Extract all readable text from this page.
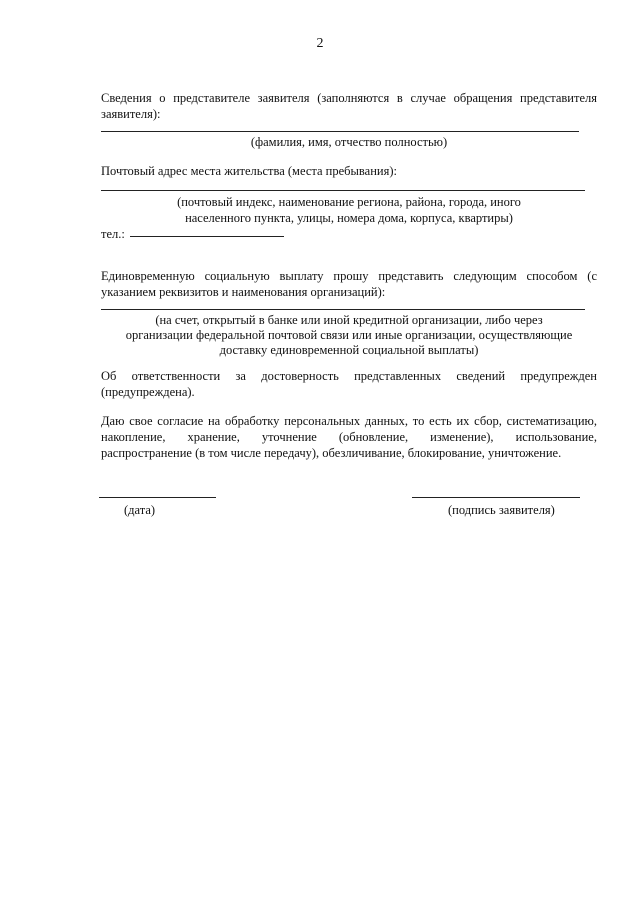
2
Сведения о представителе заявителя (заполняются в случае обращения представителя
заявителя):
(фамилия, имя, отчество полностью)
Почтовый адрес места жительства (места пребывания):
(почтовый индекс, наименование региона, района, города, иного
населенного пункта, улицы, номера дома, корпуса, квартиры)
тел.:
Единовременную социальную выплату прошу представить следующим способом (с
указанием реквизитов и наименования организаций):
(на счет, открытый в банке или иной кредитной организации, либо через
организации федеральной почтовой связи или иные организации, осуществляющие
доставку единовременной социальной выплаты)
Об ответственности за достоверность представленных сведений предупрежден
(предупреждена).
Даю свое согласие на обработку персональных данных, то есть их сбор, систематизацию,
накопление, хранение, уточнение (обновление, изменение), использование,
распространение (в том числе передачу), обезличивание, блокирование, уничтожение.
(дата)	(подпись заявителя)
